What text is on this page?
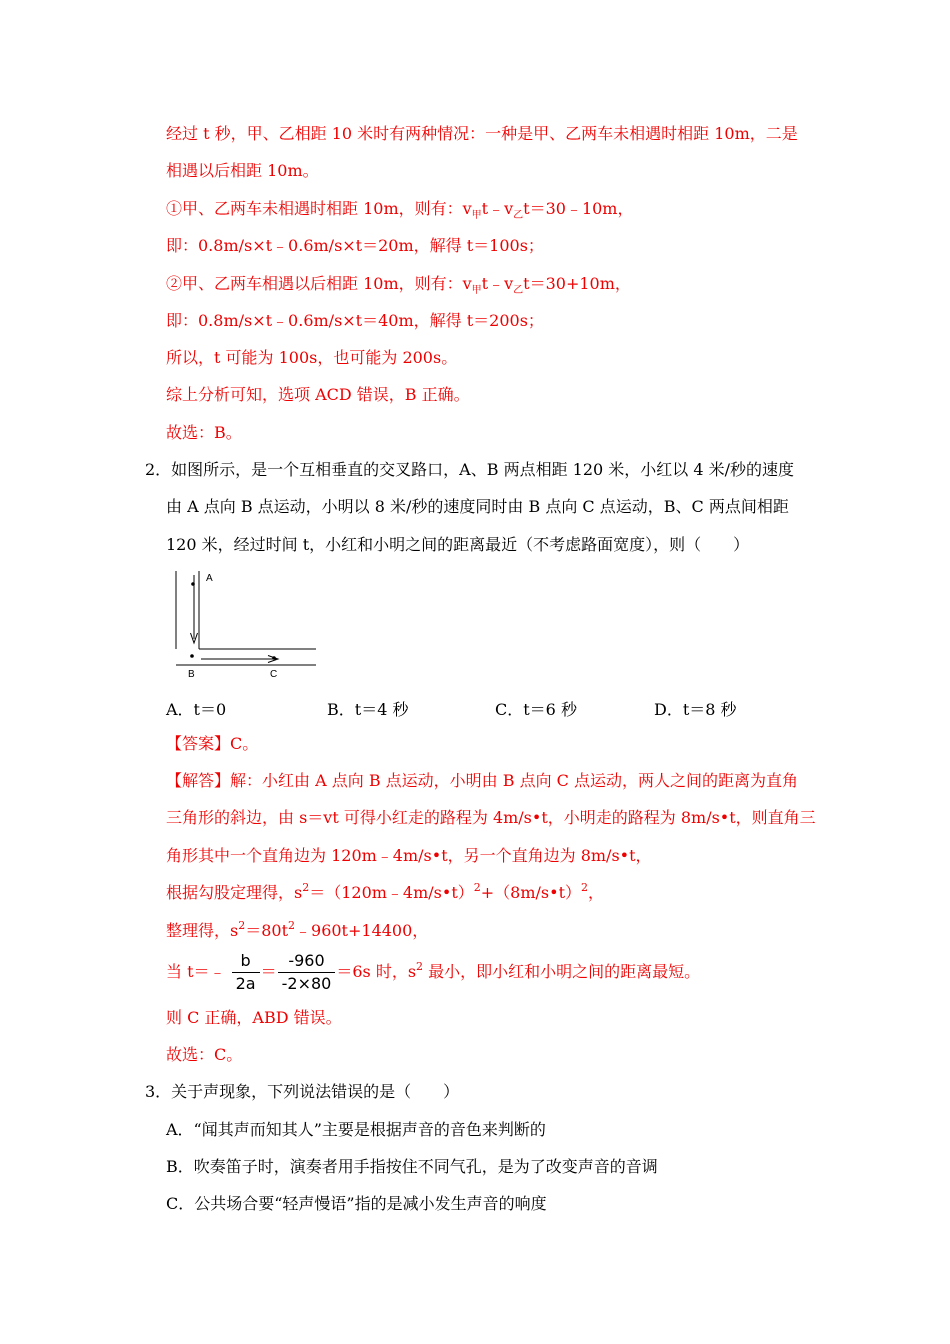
经过 t 秒，甲、乙相距 10 米时有两种情况：一种是甲、乙两车未相遇时相距 10m，二是
相遇以后相距 10m。
①甲、乙两车未相遇时相距 10m，则有：$v_甲t﹣v_乙t=30﹣10m$，
即：0.8m/s×t﹣0.6m/s×t＝20m，解得 t＝100s；
②甲、乙两车相遇以后相距 10m，则有：$v_甲t﹣v_乙t=30+10m$，
即：0.8m/s×t﹣0.6m/s×t＝40m，解得 t＝200s；
所以，t 可能为 100s，也可能为 200s。
综上分析可知，选项 ACD 错误，B 正确。
故选：B。
2．如图所示，是一个互相垂直的交叉路口，A、B 两点相距 120 米，小红以 4 米/秒的速度
由 A 点向 B 点运动，小明以 8 米/秒的速度同时由 B 点向 C 点运动，B、C 两点间相距
120 米，经过时间 t，小红和小明之间的距离最近（不考虑路面宽度），则（　　）
A
B	C
A．t＝0	B．t＝4 秒	C．t＝6 秒	D．t＝8 秒
【答案】C。
【解答】解：小红由 A 点向 B 点运动，小明由 B 点向 C 点运动，两人之间的距离为直角
三角形的斜边，由 s＝vt 可得小红走的路程为 4m/s•t，小明走的路程为 8m/s•t，则直角三
角形其中一个直角边为 120m﹣4m/s•t，另一个直角边为 8m/s•t，
根据勾股定理得，$s^2=(120m﹣4m/s•t)^2+(8m/s•t)^2$，
整理得，$s^2=80t^2﹣960t+14400$，
当 t＝﹣ $\frac{b}{2a} = \frac{-960}{-2\times 80} =6s$ 时，$s^2$ 最小，即小红和小明之间的距离最短。
则 C 正确，ABD 错误。
故选：C。
3．关于声现象，下列说法错误的是（　　）
A．“闻其声而知其人”主要是根据声音的音色来判断的
B．吹奏笛子时，演奏者用手指按住不同气孔，是为了改变声音的音调
C．公共场合要“轻声慢语”指的是减小发生声音的响度
